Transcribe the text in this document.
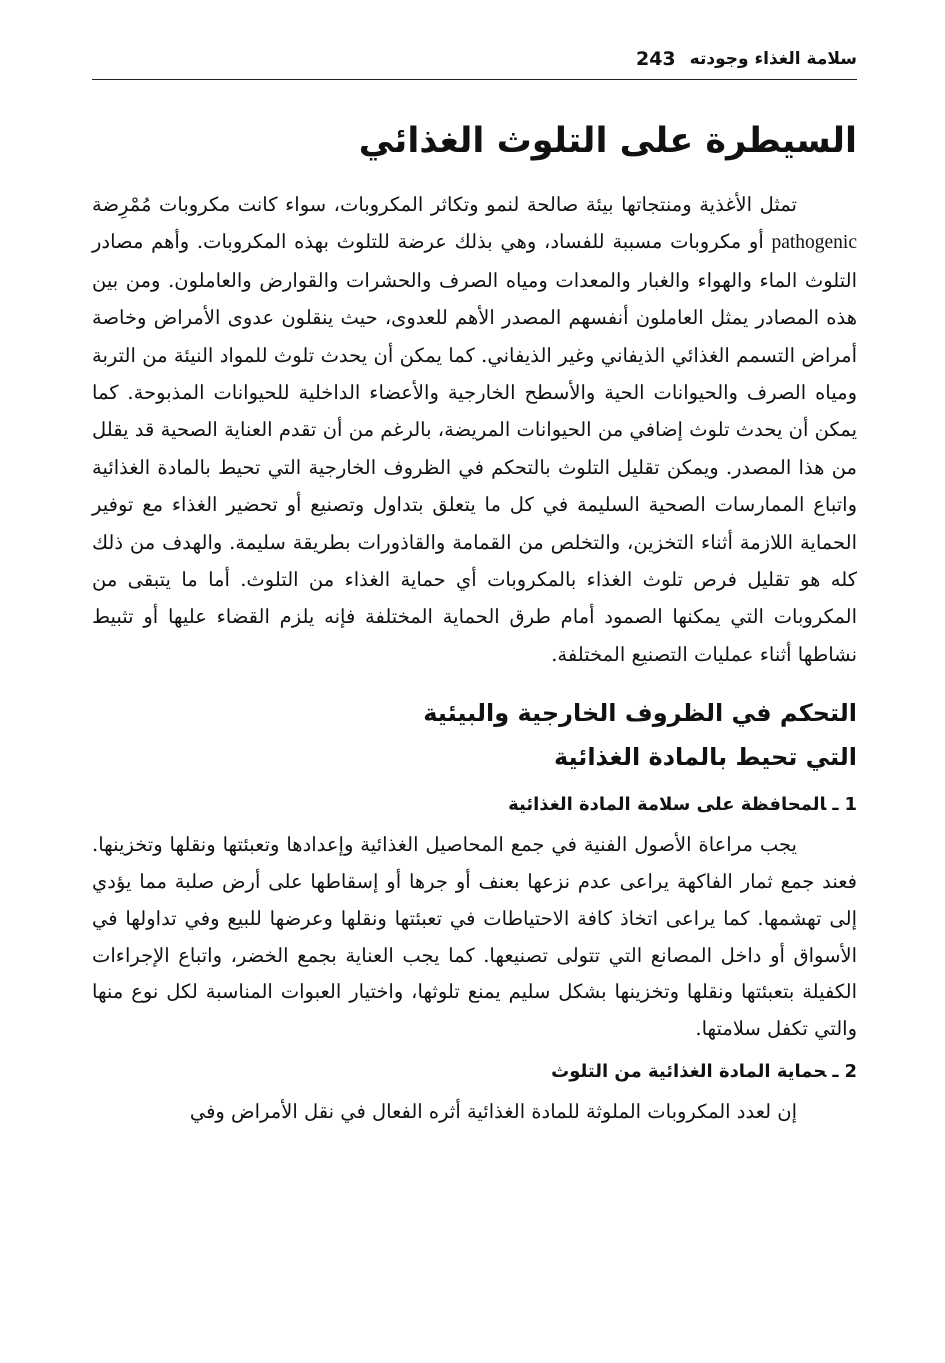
سلامة الغذاء وجودته
243
السيطرة على التلوث الغذائي

تمثل الأغذية ومنتجاتها بيئة صالحة لنمو وتكاثر المكروبات، سواء كانت مكروبات مُمْرِضة pathogenic أو مكروبات مسببة للفساد، وهي بذلك عرضة للتلوث بهذه المكروبات. وأهم مصادر التلوث الماء والهواء والغبار والمعدات ومياه الصرف والحشرات والقوارض والعاملون. ومن بين هذه المصادر يمثل العاملون أنفسهم المصدر الأهم للعدوى، حيث ينقلون عدوى الأمراض وخاصة أمراض التسمم الغذائي الذيفاني وغير الذيفاني. كما يمكن أن يحدث تلوث للمواد النيئة من التربة ومياه الصرف والحيوانات الحية والأسطح الخارجية والأعضاء الداخلية للحيوانات المذبوحة. كما يمكن أن يحدث تلوث إضافي من الحيوانات المريضة، بالرغم من أن تقدم العناية الصحية قد يقلل من هذا المصدر. ويمكن تقليل التلوث بالتحكم في الظروف الخارجية التي تحيط بالمادة الغذائية واتباع الممارسات الصحية السليمة في كل ما يتعلق بتداول وتصنيع أو تحضير الغذاء مع توفير الحماية اللازمة أثناء التخزين، والتخلص من القمامة والقاذورات بطريقة سليمة. والهدف من ذلك كله هو تقليل فرص تلوث الغذاء بالمكروبات أي حماية الغذاء من التلوث. أما ما يتبقى من المكروبات التي يمكنها الصمود أمام طرق الحماية المختلفة فإنه يلزم القضاء عليها أو تثبيط نشاطها أثناء عمليات التصنيع المختلفة.

التحكم في الظروف الخارجية والبيئية
التي تحيط بالمادة الغذائية
1ـالمحافظة على سلامة المادة الغذائية

يجب مراعاة الأصول الفنية في جمع المحاصيل الغذائية وإعدادها وتعبئتها ونقلها وتخزينها. فعند جمع ثمار الفاكهة يراعى عدم نزعها بعنف أو جرها أو إسقاطها على أرض صلبة مما يؤدي إلى تهشمها. كما يراعى اتخاذ كافة الاحتياطات في تعبئتها ونقلها وعرضها للبيع وفي تداولها في الأسواق أو داخل المصانع التي تتولى تصنيعها. كما يجب العناية بجمع الخضر، واتباع الإجراءات الكفيلة بتعبئتها ونقلها وتخزينها بشكل سليم يمنع تلوثها، واختيار العبوات المناسبة لكل نوع منها والتي تكفل سلامتها.

2ـحماية المادة الغذائية من التلوث

إن لعدد المكروبات الملوثة للمادة الغذائية أثره الفعال في نقل الأمراض وفي
